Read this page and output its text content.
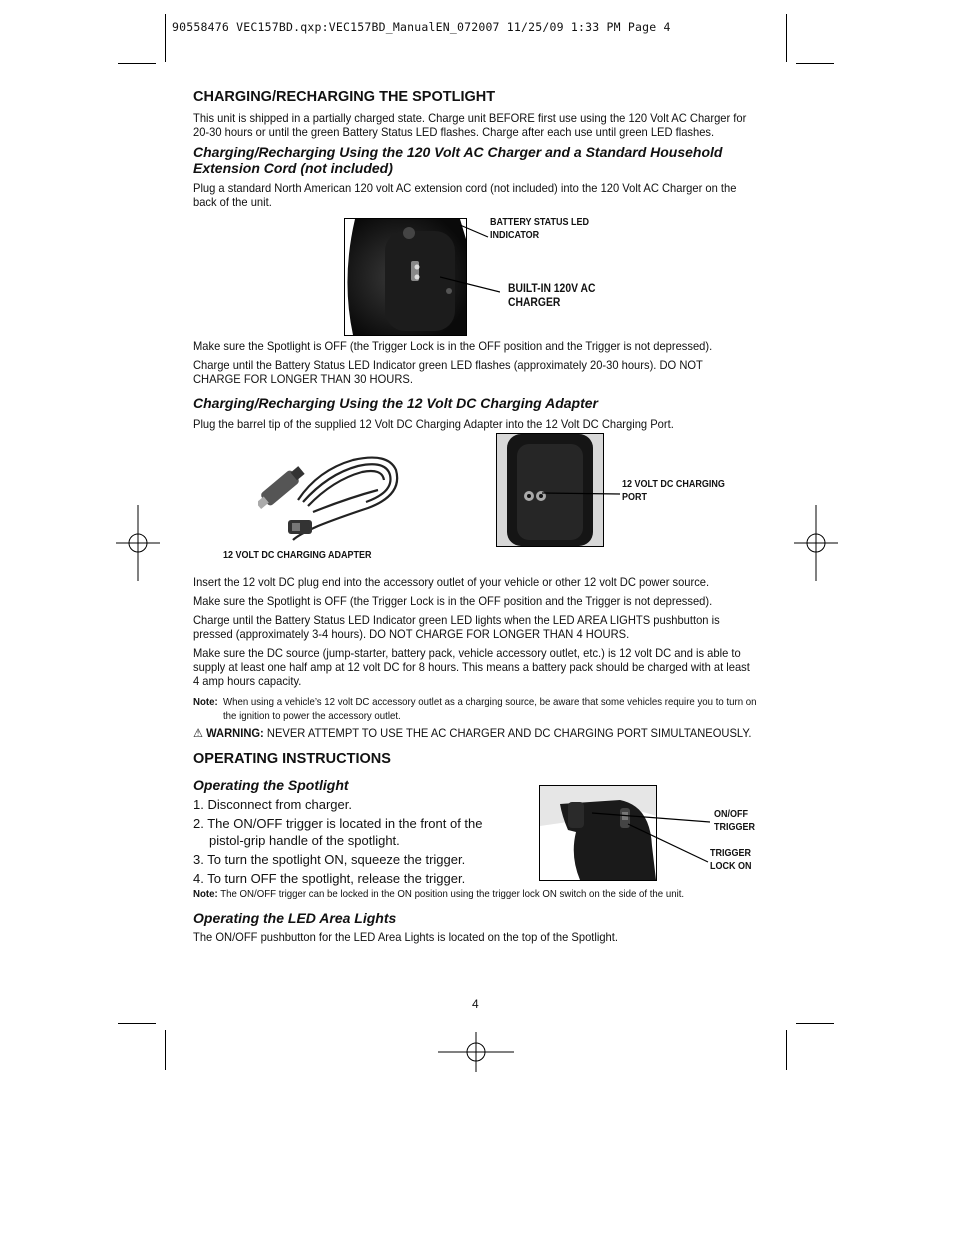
90558476 VEC157BD.qxp:VEC157BD_ManualEN_072007 11/25/09 1:33 PM Page 4
CHARGING/RECHARGING THE SPOTLIGHT
This unit is shipped in a partially charged state. Charge unit BEFORE first use using the 120 Volt AC Charger for 20-30 hours or until the green Battery Status LED flashes. Charge after each use until green LED flashes.
Charging/Recharging Using the 120 Volt AC Charger and a Standard Household Extension Cord (not included)
Plug a standard North American 120 volt AC extension cord (not included) into the 120 Volt AC Charger on the back of the unit.
BATTERY STATUS LED INDICATOR
BUILT-IN 120V AC CHARGER
Make sure the Spotlight is OFF (the Trigger Lock is in the OFF position and the Trigger is not depressed).
Charge until the Battery Status LED Indicator green LED flashes (approximately 20-30 hours). DO NOT CHARGE FOR LONGER THAN 30 HOURS.
Charging/Recharging Using the 12 Volt DC Charging Adapter
Plug the barrel tip of the supplied 12 Volt DC Charging Adapter into the 12 Volt DC Charging Port.
12 VOLT DC CHARGING PORT
12 VOLT DC CHARGING ADAPTER
Insert the 12 volt DC plug end into the accessory outlet of your vehicle or other 12 volt DC power source.
Make sure the Spotlight is OFF (the Trigger Lock is in the OFF position and the Trigger is not depressed).
Charge until the Battery Status LED Indicator green LED lights when the LED AREA LIGHTS pushbutton is pressed (approximately 3-4 hours). DO NOT CHARGE FOR LONGER THAN 4 HOURS.
Make sure the DC source (jump-starter, battery pack, vehicle accessory outlet, etc.) is 12 volt DC and is able to supply at least one half amp at 12 volt DC for 8 hours. This means a battery pack should be charged with at least 4 amp hours capacity.
Note: When using a vehicle’s 12 volt DC accessory outlet as a charging source, be aware that some vehicles require you to turn on the ignition to power the accessory outlet.
⚠ WARNING: NEVER ATTEMPT TO USE THE AC CHARGER AND DC CHARGING PORT SIMULTANEOUSLY.
OPERATING INSTRUCTIONS
Operating the Spotlight
1. Disconnect from charger.
2. The ON/OFF trigger is located in the front of the
pistol-grip handle of the spotlight.
3. To turn the spotlight ON, squeeze the trigger.
4. To turn OFF the spotlight, release the trigger.
ON/OFF TRIGGER
TRIGGER LOCK ON
Note: The ON/OFF trigger can be locked in the ON position using the trigger lock ON switch on the side of the unit.
Operating the LED Area Lights
The ON/OFF pushbutton for the LED Area Lights is located on the top of the Spotlight.
4
